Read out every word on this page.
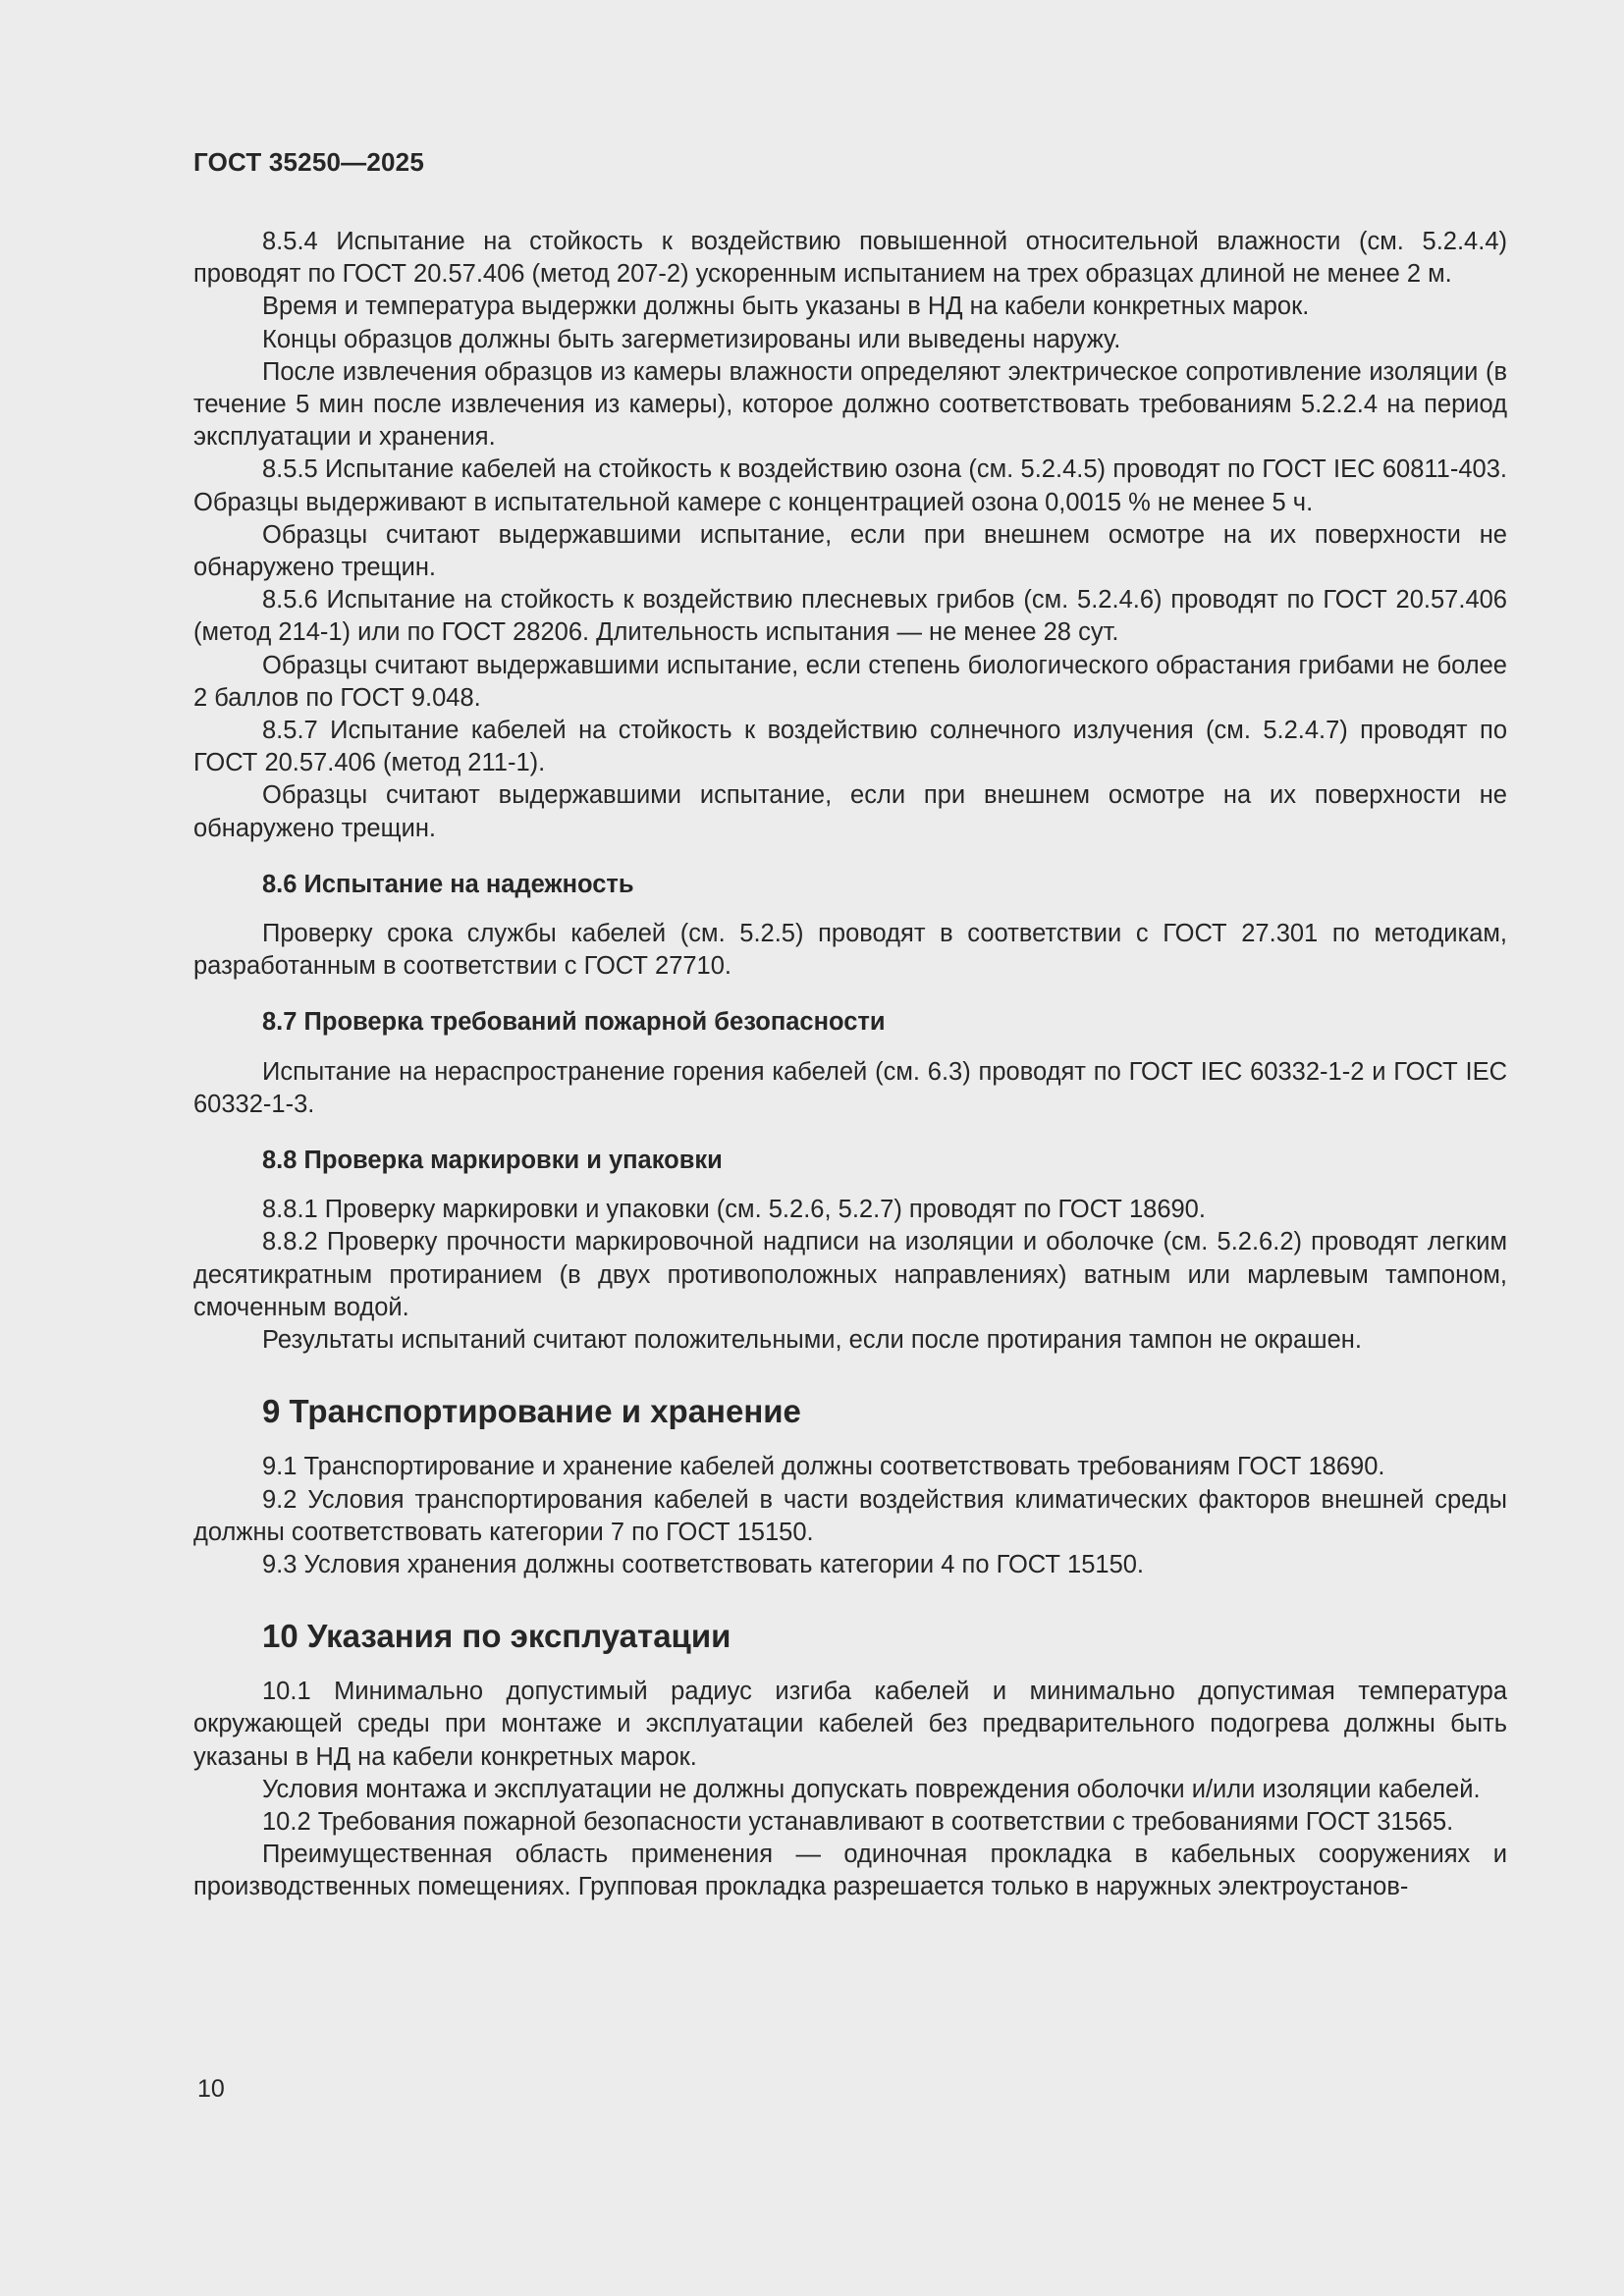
ГОСТ 35250—2025

8.5.4 Испытание на стойкость к воздействию повышенной относительной влажности (см. 5.2.4.4) проводят по ГОСТ 20.57.406 (метод 207-2) ускоренным испытанием на трех образцах длиной не менее 2 м.

Время и температура выдержки должны быть указаны в НД на кабели конкретных марок.

Концы образцов должны быть загерметизированы или выведены наружу.

После извлечения образцов из камеры влажности определяют электрическое сопротивление изоляции (в течение 5 мин после извлечения из камеры), которое должно соответствовать требованиям 5.2.2.4 на период эксплуатации и хранения.

8.5.5 Испытание кабелей на стойкость к воздействию озона (см. 5.2.4.5) проводят по ГОСТ IEC 60811-403. Образцы выдерживают в испытательной камере с концентрацией озона 0,0015 % не менее 5 ч.

Образцы считают выдержавшими испытание, если при внешнем осмотре на их поверхности не обнаружено трещин.

8.5.6 Испытание на стойкость к воздействию плесневых грибов (см. 5.2.4.6) проводят по ГОСТ 20.57.406 (метод 214-1) или по ГОСТ 28206. Длительность испытания — не менее 28 сут.

Образцы считают выдержавшими испытание, если степень биологического обрастания грибами не более 2 баллов по ГОСТ 9.048.

8.5.7 Испытание кабелей на стойкость к воздействию солнечного излучения (см. 5.2.4.7) проводят по ГОСТ 20.57.406 (метод 211-1).

Образцы считают выдержавшими испытание, если при внешнем осмотре на их поверхности не обнаружено трещин.

8.6 Испытание на надежность

Проверку срока службы кабелей (см. 5.2.5) проводят в соответствии с ГОСТ 27.301 по методикам, разработанным в соответствии с ГОСТ 27710.

8.7 Проверка требований пожарной безопасности

Испытание на нераспространение горения кабелей (см. 6.3) проводят по ГОСТ IEC 60332-1-2 и ГОСТ IEC 60332-1-3.

8.8 Проверка маркировки и упаковки

8.8.1 Проверку маркировки и упаковки (см. 5.2.6, 5.2.7) проводят по ГОСТ 18690.

8.8.2 Проверку прочности маркировочной надписи на изоляции и оболочке (см. 5.2.6.2) проводят легким десятикратным протиранием (в двух противоположных направлениях) ватным или марлевым тампоном, смоченным водой.

Результаты испытаний считают положительными, если после протирания тампон не окрашен.

9 Транспортирование и хранение

9.1 Транспортирование и хранение кабелей должны соответствовать требованиям ГОСТ 18690.

9.2 Условия транспортирования кабелей в части воздействия климатических факторов внешней среды должны соответствовать категории 7 по ГОСТ 15150.

9.3 Условия хранения должны соответствовать категории 4 по ГОСТ 15150.

10 Указания по эксплуатации

10.1 Минимально допустимый радиус изгиба кабелей и минимально допустимая температура окружающей среды при монтаже и эксплуатации кабелей без предварительного подогрева должны быть указаны в НД на кабели конкретных марок.

Условия монтажа и эксплуатации не должны допускать повреждения оболочки и/или изоляции кабелей.

10.2 Требования пожарной безопасности устанавливают в соответствии с требованиями ГОСТ 31565.

Преимущественная область применения — одиночная прокладка в кабельных сооружениях и производственных помещениях. Групповая прокладка разрешается только в наружных электроустанов-

10
